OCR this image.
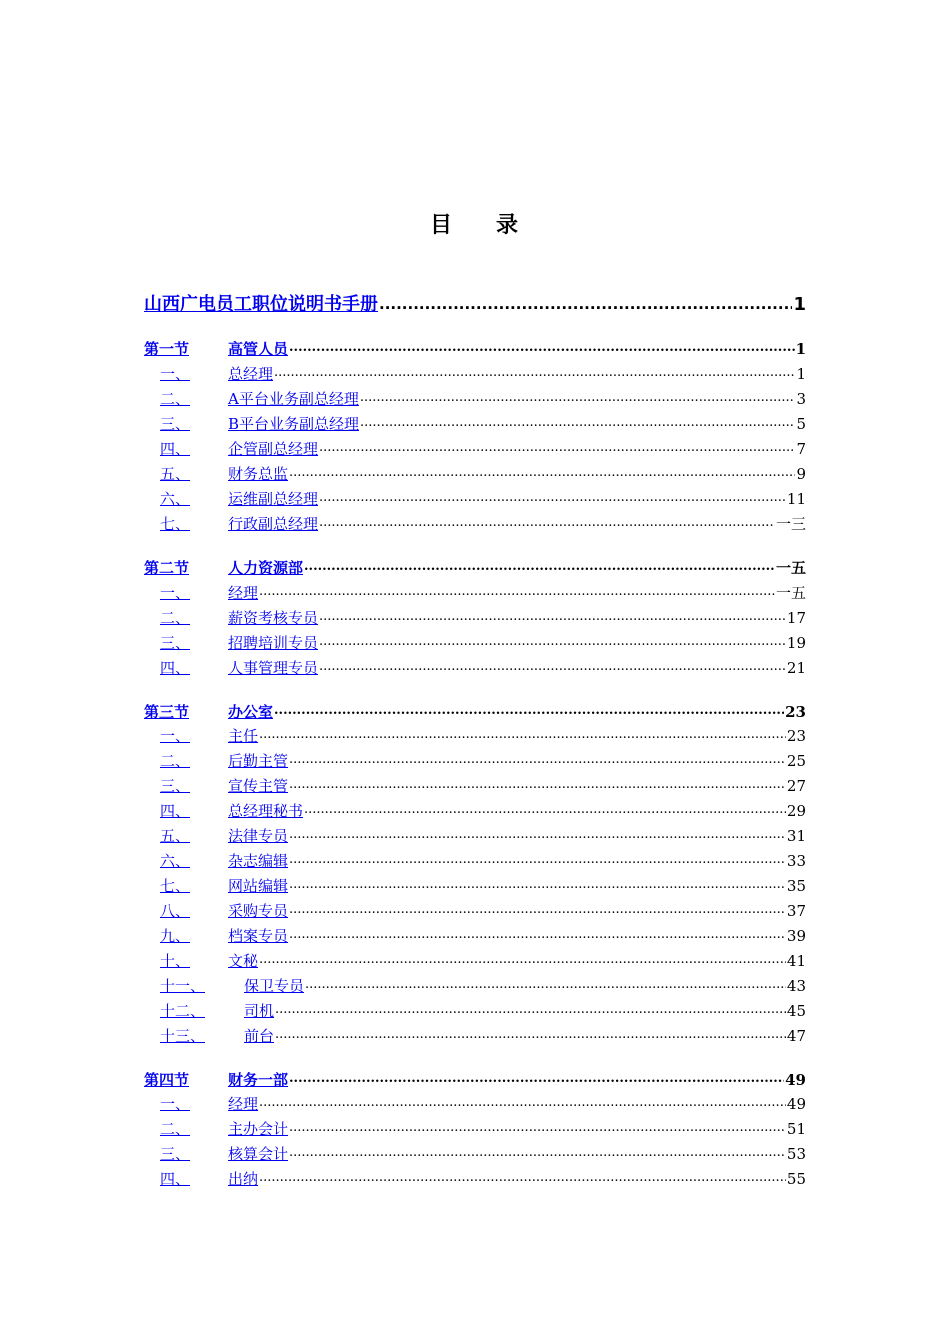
目 录
山西广电员工职位说明书手册 .....	1
第一节	高管人员 .....	1
一、	总经理 .....	1
二、	A平台业务副总经理 .....	3
三、	B平台业务副总经理 .....	5
四、	企管副总经理 .....	7
五、	财务总监 .....	9
六、	运维副总经理 .....	11
七、	行政副总经理 .....	一三
第二节	人力资源部 .....	一五
一、	经理 .....	一五
二、	薪资考核专员 .....	17
三、	招聘培训专员 .....	19
四、	人事管理专员 .....	21
第三节	办公室 .....	23
一、	主任 .....	23
二、	后勤主管 .....	25
三、	宣传主管 .....	27
四、	总经理秘书 .....	29
五、	法律专员 .....	31
六、	杂志编辑 .....	33
七、	网站编辑 .....	35
八、	采购专员 .....	37
九、	档案专员 .....	39
十、	文秘 .....	41
十一、	保卫专员 .....	43
十二、	司机 .....	45
十三、	前台 .....	47
第四节	财务一部 .....	49
一、	经理 .....	49
二、	主办会计 .....	51
三、	核算会计 .....	53
四、	出纳 .....	55
